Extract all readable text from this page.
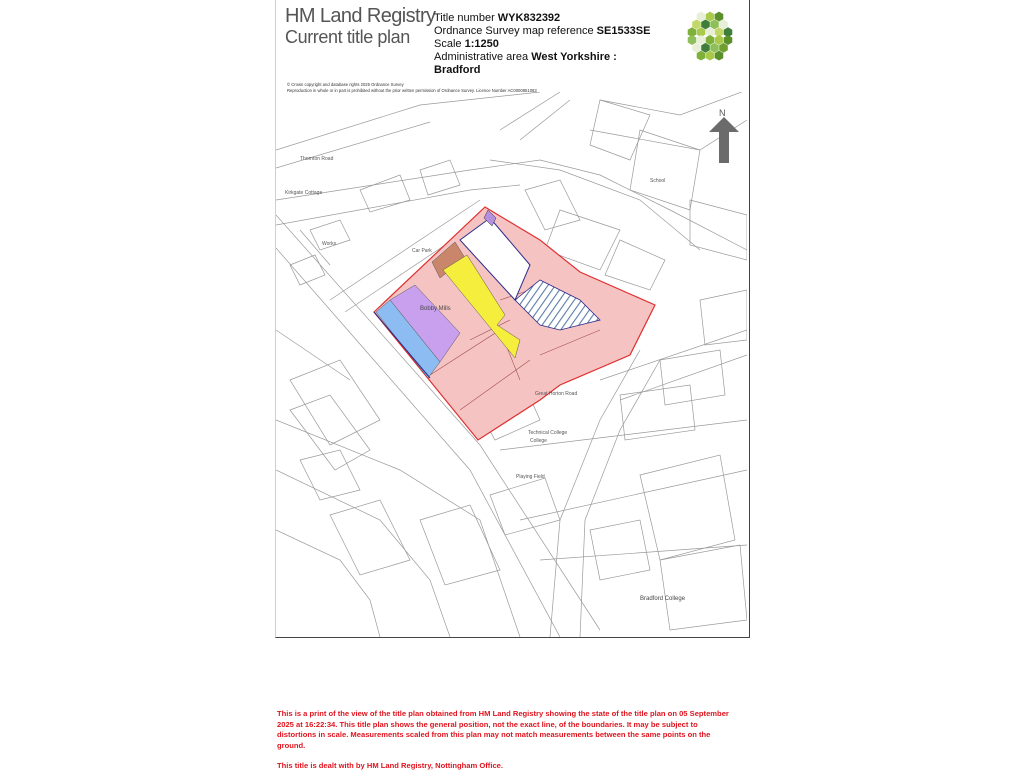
HM Land Registry
Current title plan
Title number WYK832392
Ordnance Survey map reference SE1533SE
Scale 1:1250
Administrative area West Yorkshire :
Bradford
© Crown copyright and database rights 2025 Ordnance Survey
Reproduction in whole or in part is prohibited without the prior written permission of Ordnance Survey. Licence Number AC0000851063
N
Bobby Mills
Bradford College
Car Park
Works
College
Technical College
Playing Field
Kirkgate Cottage
Thornton Road
Great Horton Road
School

This is a print of the view of the title plan obtained from HM Land Registry showing the state of the title plan on 05 September 2025 at 16:22:34. This title plan shows the general position, not the exact line, of the boundaries. It may be subject to distortions in scale. Measurements scaled from this plan may not match measurements between the same points on the ground.

This title is dealt with by HM Land Registry, Nottingham Office.
